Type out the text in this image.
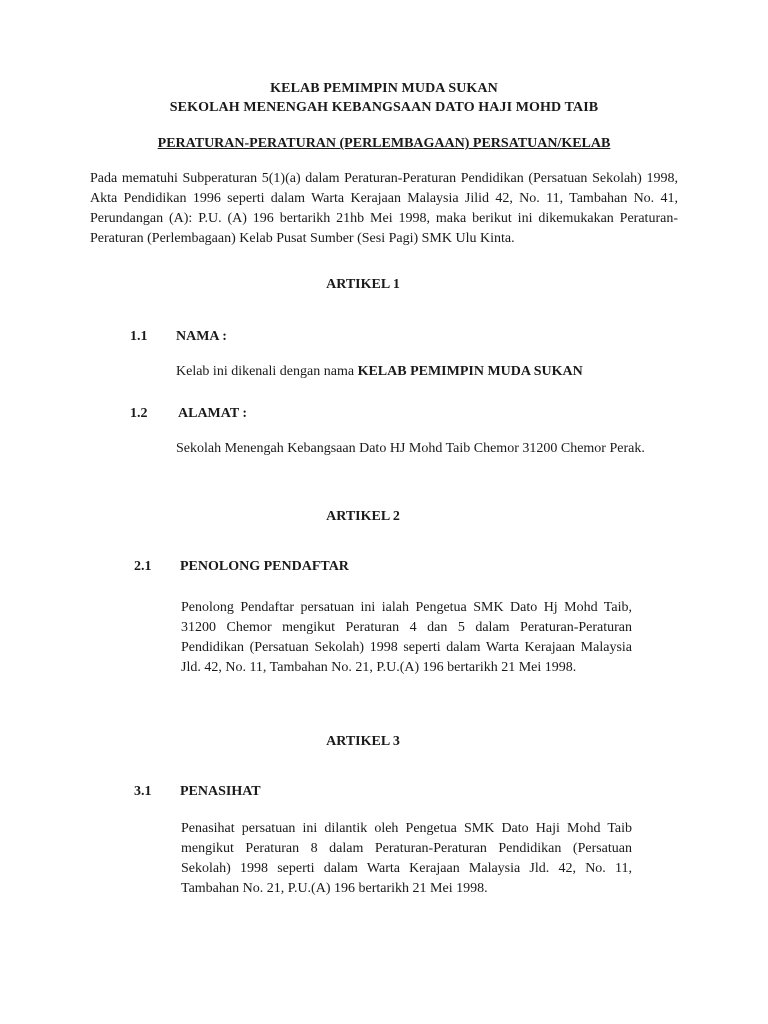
KELAB PEMIMPIN MUDA SUKAN
SEKOLAH MENENGAH KEBANGSAAN DATO HAJI MOHD TAIB
PERATURAN-PERATURAN (PERLEMBAGAAN) PERSATUAN/KELAB
Pada mematuhi Subperaturan 5(1)(a) dalam Peraturan-Peraturan Pendidikan (Persatuan Sekolah) 1998, Akta Pendidikan 1996 seperti dalam Warta Kerajaan Malaysia Jilid 42, No. 11, Tambahan No. 41, Perundangan (A): P.U. (A) 196 bertarikh 21hb Mei 1998, maka berikut ini dikemukakan Peraturan-Peraturan (Perlembagaan) Kelab Pusat Sumber (Sesi Pagi) SMK Ulu Kinta.
ARTIKEL 1
1.1 NAMA :
Kelab ini dikenali dengan nama KELAB PEMIMPIN MUDA SUKAN
1.2 ALAMAT :
Sekolah Menengah Kebangsaan Dato HJ Mohd Taib Chemor 31200 Chemor Perak.
ARTIKEL 2
2.1 PENOLONG PENDAFTAR
Penolong Pendaftar persatuan ini ialah Pengetua SMK Dato Hj Mohd Taib, 31200 Chemor mengikut Peraturan 4 dan 5 dalam Peraturan-Peraturan Pendidikan (Persatuan Sekolah) 1998 seperti dalam Warta Kerajaan Malaysia Jld. 42, No. 11, Tambahan No. 21, P.U.(A) 196 bertarikh 21 Mei 1998.
ARTIKEL 3
3.1 PENASIHAT
Penasihat persatuan ini dilantik oleh Pengetua SMK Dato Haji Mohd Taib mengikut Peraturan 8 dalam Peraturan-Peraturan Pendidikan (Persatuan Sekolah) 1998 seperti dalam Warta Kerajaan Malaysia Jld. 42, No. 11, Tambahan No. 21, P.U.(A) 196 bertarikh 21 Mei 1998.
